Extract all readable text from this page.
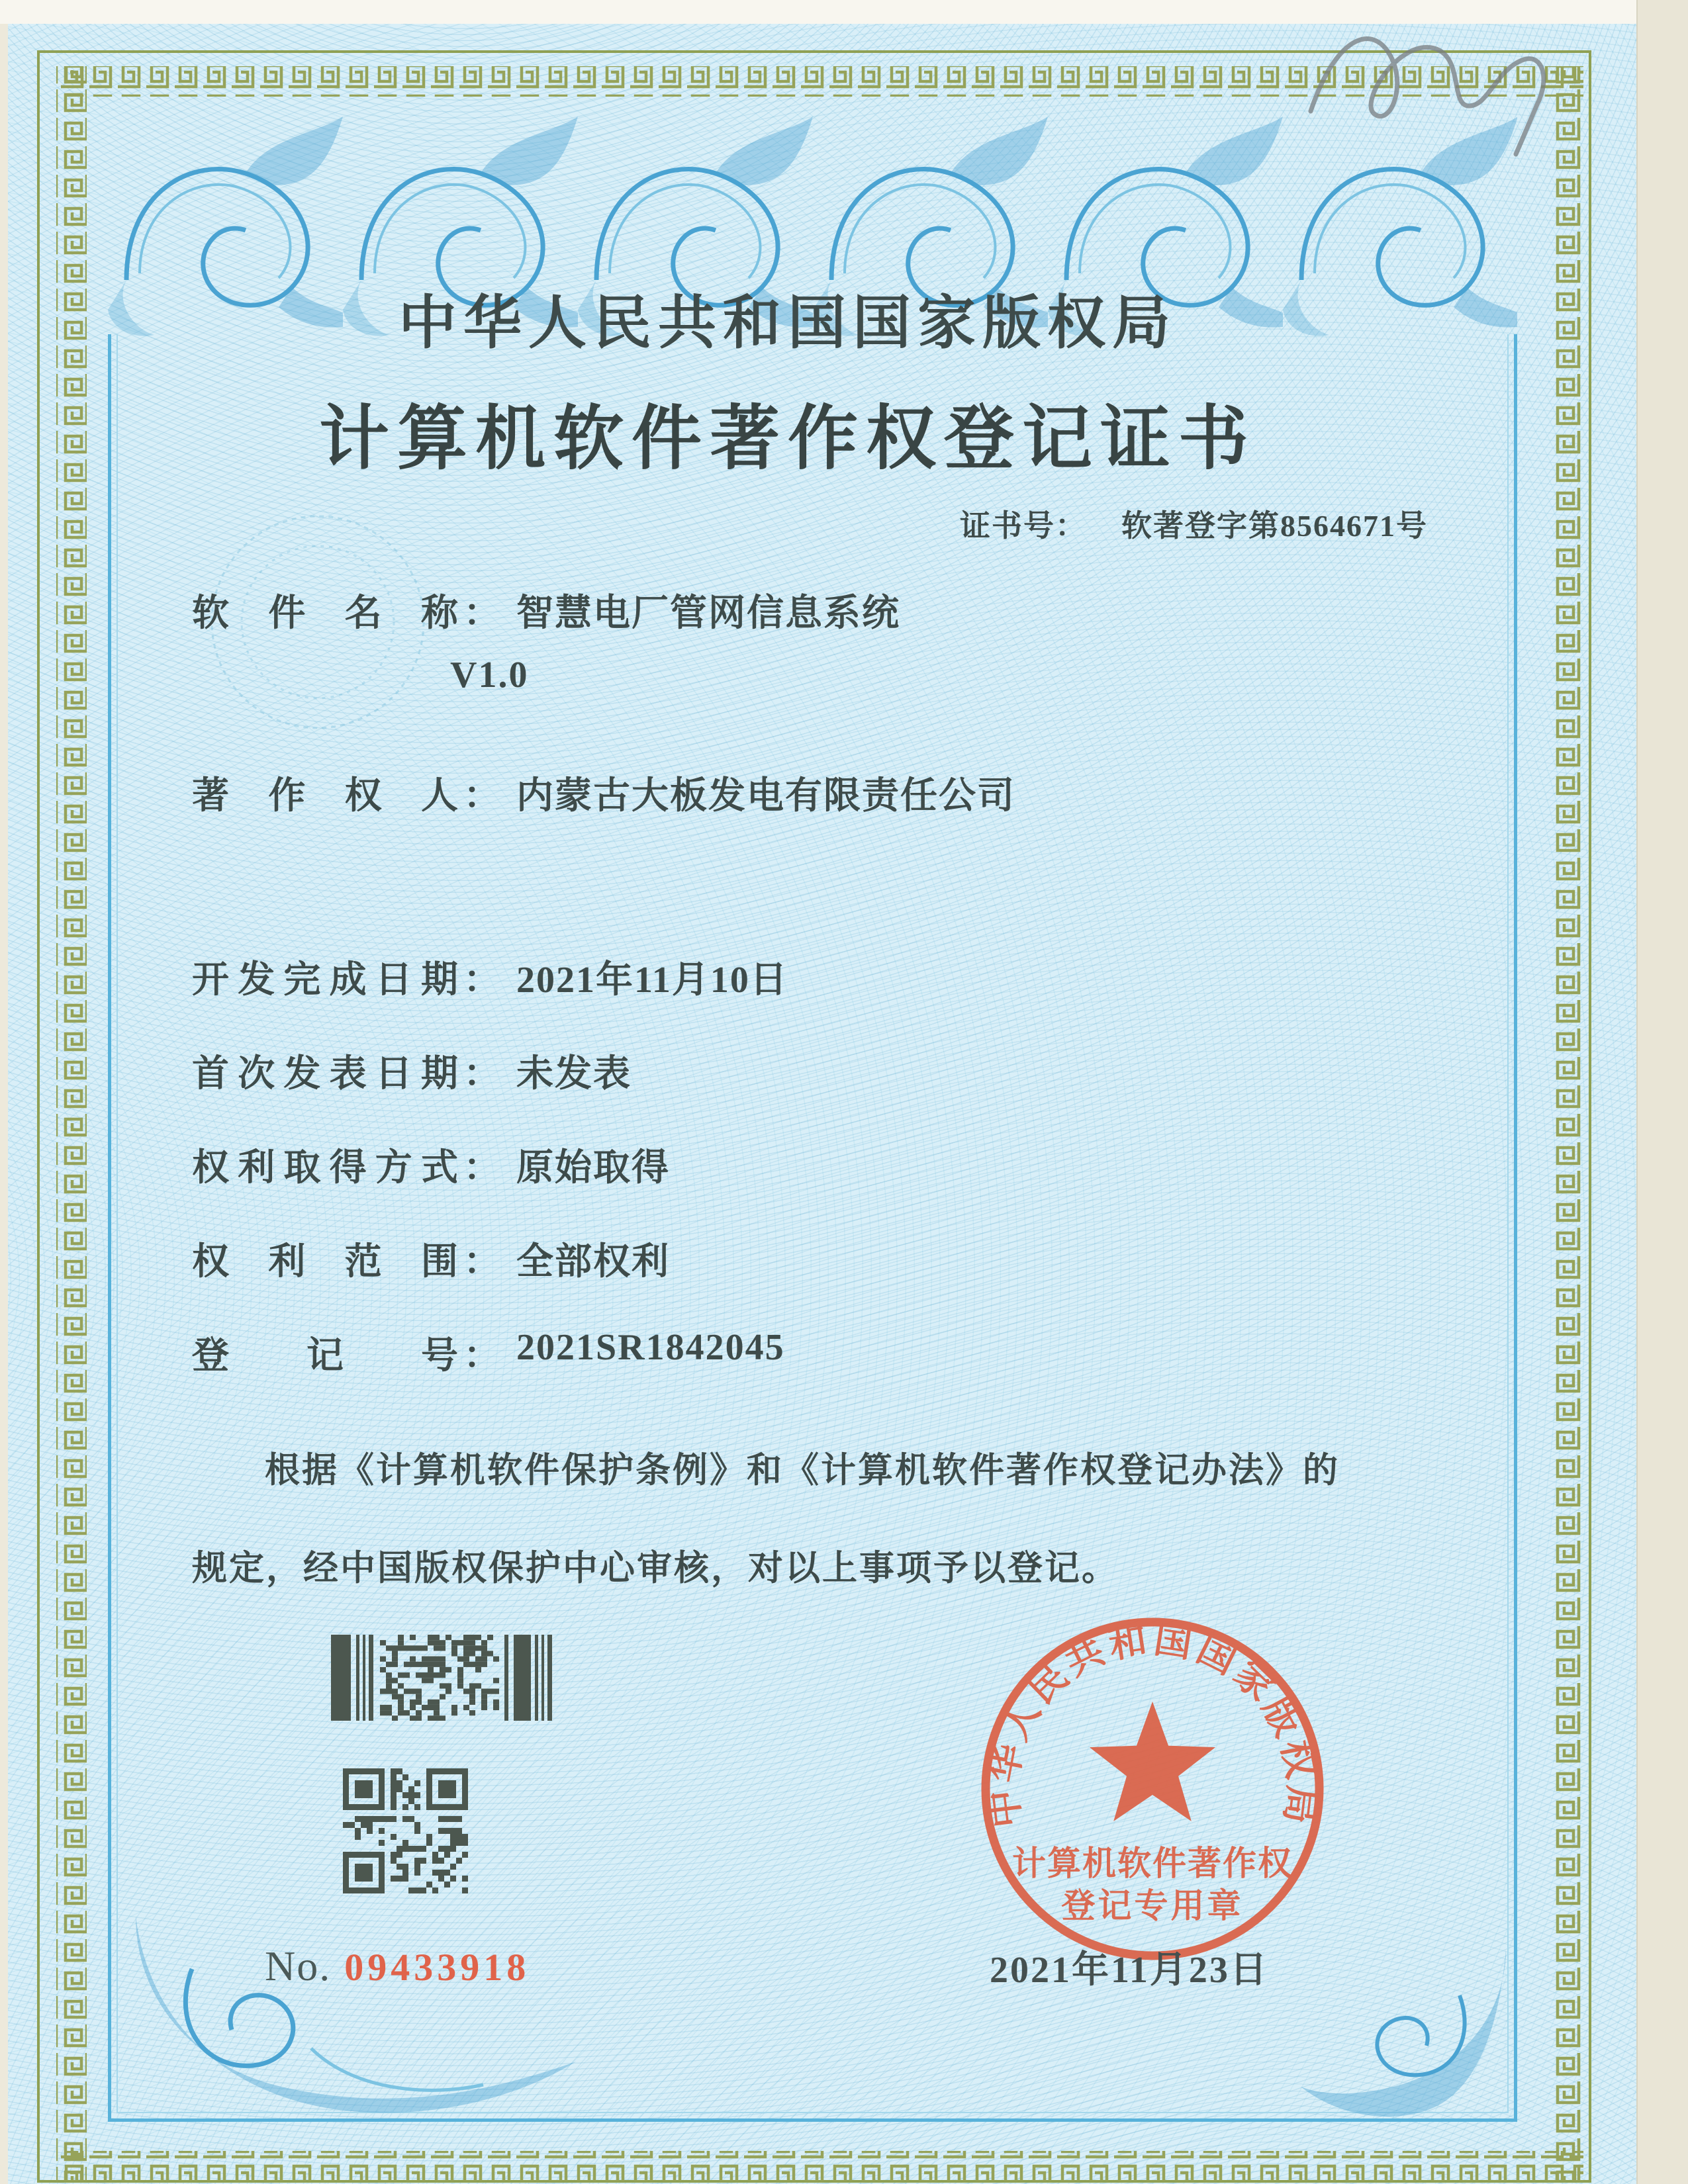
中华人民共和国国家版权局
计算机软件著作权登记证书
证书号： 软著登字第8564671号
软 件 名 称 ： 智慧电厂管网信息系统
V1.0
著 作 权 人 ： 内蒙古大板发电有限责任公司
开 发 完 成 日 期 ： 2021年11月10日
首 次 发 表 日 期 ： 未发表
权 利 取 得 方 式 ： 原始取得
权 利 范 围 ： 全部权利
登 记 号 ： 2021SR1842045
根据《计算机软件保护条例》和《计算机软件著作权登记办法》的
规定，经中国版权保护中心审核，对以上事项予以登记。
No. 09433918
中华人民共和国国家版权局
计算机软件著作权
登记专用章
2021年11月23日
